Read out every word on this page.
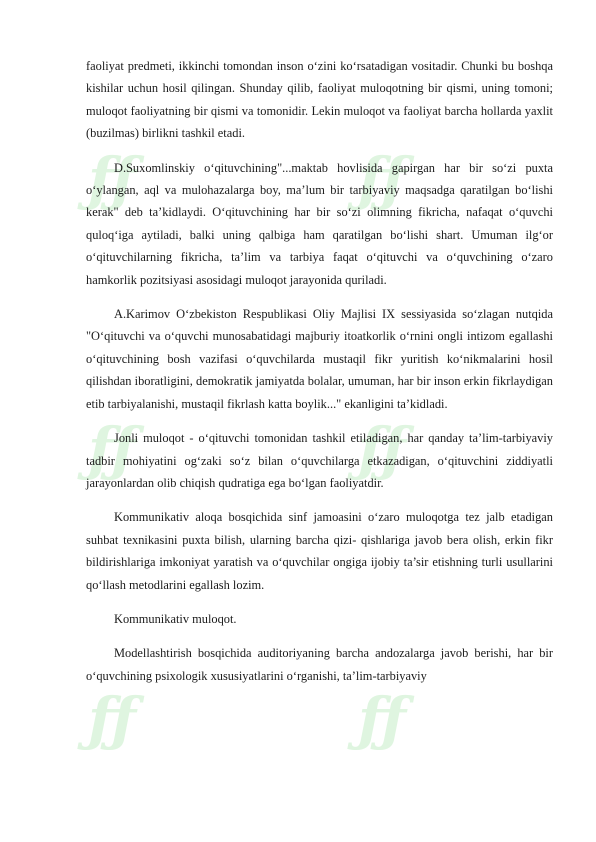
ƒƒ	ƒƒ
ƒƒ	ƒƒ
ƒƒ	ƒƒ

faoliyat predmeti, ikkinchi tomondan inson o‘zini ko‘rsatadigan vositadir. Chunki bu boshqa kishilar uchun hosil qilingan. Shunday qilib, faoliyat muloqotning bir qismi, uning tomoni; muloqot faoliyatning bir qismi va tomonidir. Lekin muloqot va faoliyat barcha hollarda yaxlit (buzilmas) birlikni tashkil etadi.

D.Suxomlinskiy o‘qituvchining"...maktab hovlisida gapirgan har bir so‘zi puxta o‘ylangan, aql va mulohazalarga boy, ma’lum bir tarbiyaviy maqsadga qaratilgan bo‘lishi kerak" deb ta’kidlaydi. O‘qituvchining har bir so‘zi olimning fikricha, nafaqat o‘quvchi quloq‘iga aytiladi, balki uning qalbiga ham qaratilgan bo‘lishi shart. Umuman ilg‘or o‘qituvchilarning fikricha, ta’lim va tarbiya faqat o‘qituvchi va o‘quvchining o‘zaro hamkorlik pozitsiyasi asosidagi muloqot jarayonida quriladi.

A.Karimov O‘zbekiston Respublikasi Oliy Majlisi IX sessiyasida so‘zlagan nutqida "O‘qituvchi va o‘quvchi munosabatidagi majburiy itoatkorlik o‘rnini ongli intizom egallashi o‘qituvchining bosh vazifasi o‘quvchilarda mustaqil fikr yuritish ko‘nikmalarini hosil qilishdan iboratligini, demokratik jamiyatda bolalar, umuman, har bir inson erkin fikrlaydigan etib tarbiyalanishi, mustaqil fikrlash katta boylik..." ekanligini ta’kidladi.

Jonli muloqot - o‘qituvchi tomonidan tashkil etiladigan, har qanday ta’lim-tarbiyaviy tadbir mohiyatini og‘zaki so‘z bilan o‘quvchilarga etkazadigan, o‘qituvchini ziddiyatli jarayonlardan olib chiqish qudratiga ega bo‘lgan faoliyatdir.

Kommunikativ aloqa bosqichida sinf jamoasini o‘zaro muloqotga tez jalb etadigan suhbat texnikasini puxta bilish, ularning barcha qizi- qishlariga javob bera olish, erkin fikr bildirishlariga imkoniyat yaratish va o‘quvchilar ongiga ijobiy ta’sir etishning turli usullarini qo‘llash metodlarini egallash lozim.

Kommunikativ muloqot.

Modellashtirish bosqichida auditoriyaning barcha andozalarga javob berishi, har bir o‘quvchining psixologik xususiyatlarini o‘rganishi, ta’lim-tarbiyaviy
